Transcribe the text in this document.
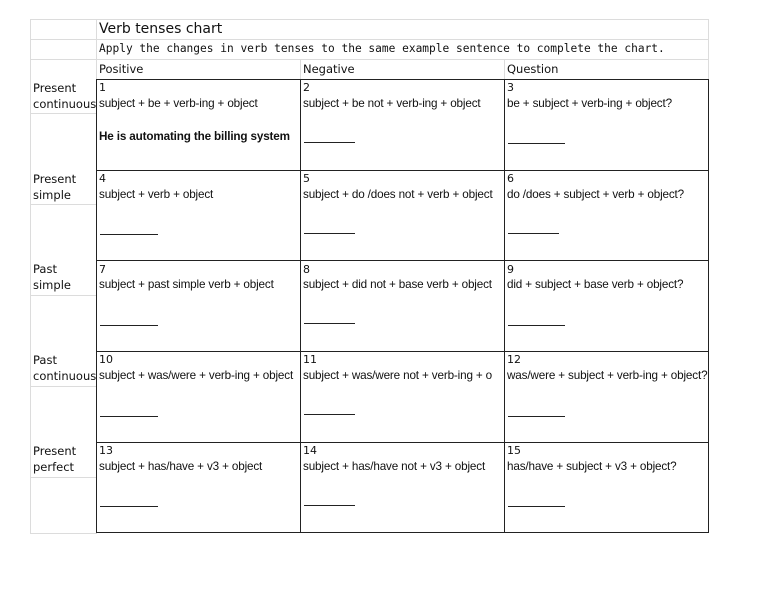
Verb tenses chart
Apply the changes in verb tenses to the same example sentence to complete the chart.
Positive	Negative	Question
Present
continuous
Present
simple
Past
simple
Past
continuous
Present
perfect
1
subject + be + verb-ing + object
He is automating the billing system
2
subject + be not + verb-ing + object
3
be + subject + verb-ing + object?
4
subject + verb + object
5
subject + do /does not + verb + object
6
do /does + subject + verb + object?
7
subject + past simple verb + object
8
subject + did not + base verb + object
9
did + subject + base verb + object?
10
subject + was/were + verb-ing + object
11
subject + was/were not + verb-ing + o
12
was/were + subject + verb-ing + object?
13
subject + has/have + v3 + object
14
subject + has/have not + v3 + object
15
has/have + subject + v3 + object?
